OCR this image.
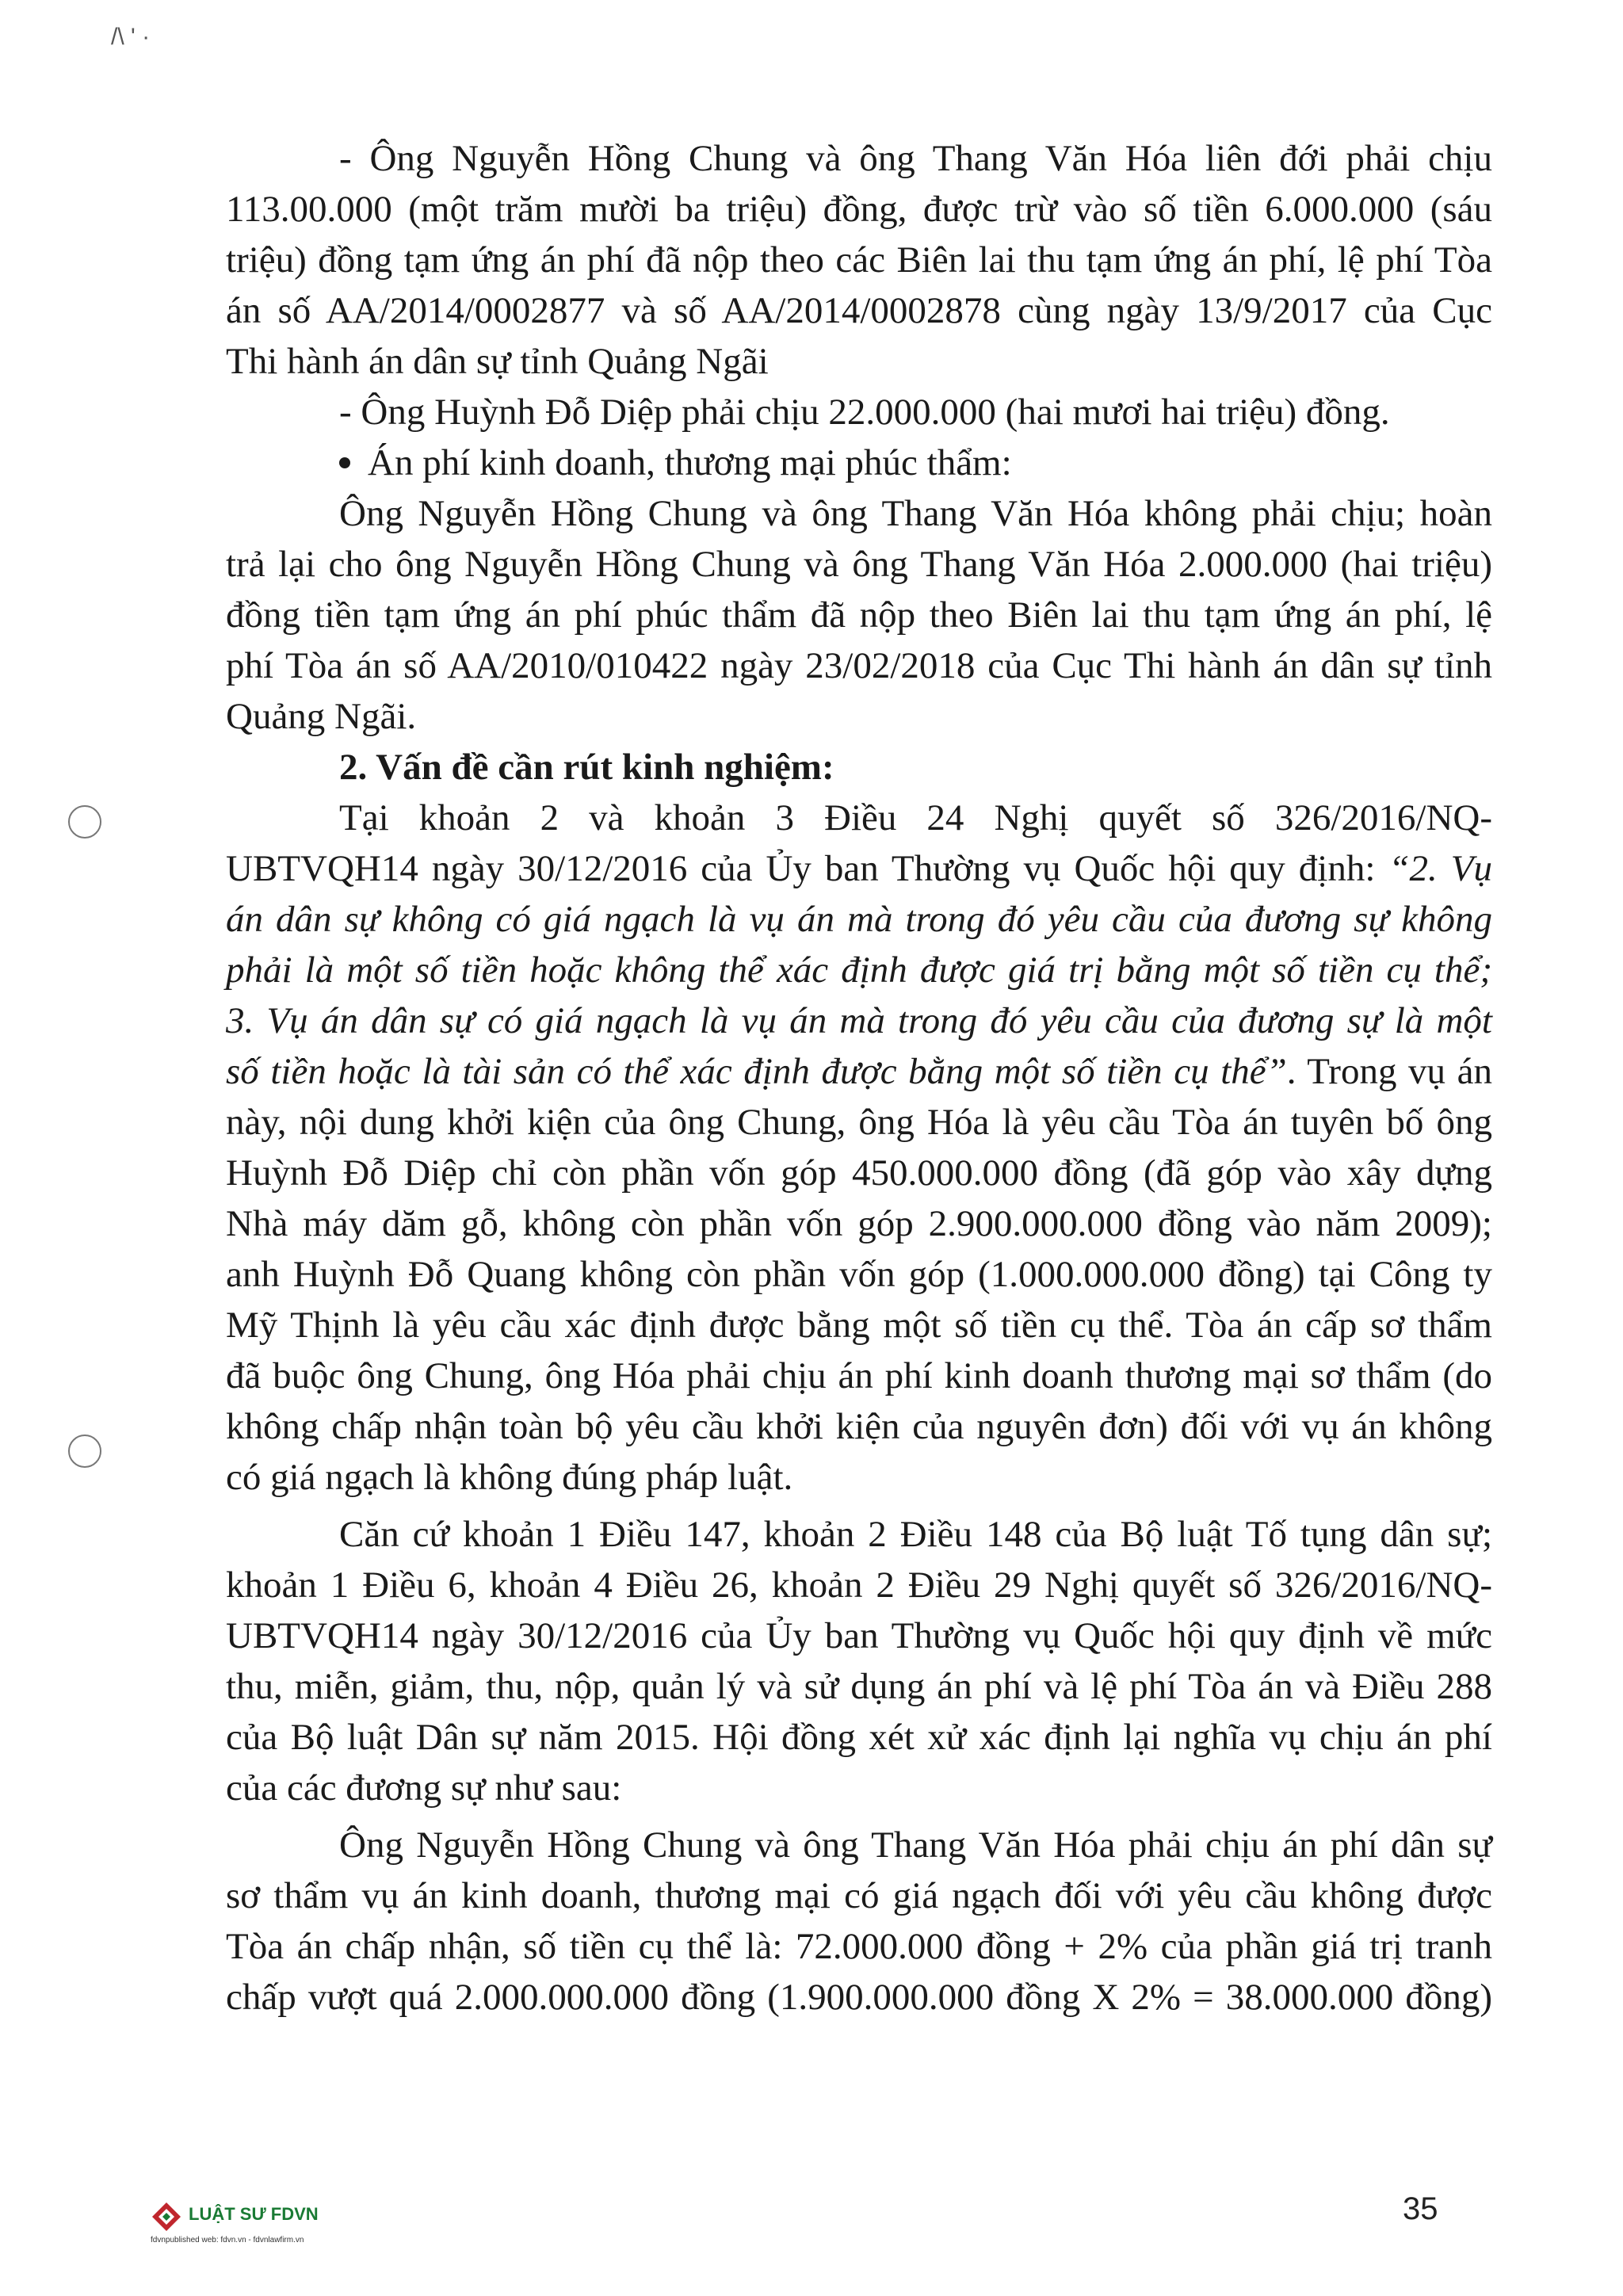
/\ ' ·

- Ông Nguyễn Hồng Chung và ông Thang Văn Hóa liên đới phải chịu

113.00.000 (một trăm mười ba triệu) đồng, được trừ vào số tiền 6.000.000 (sáu
triệu) đồng tạm ứng án phí đã nộp theo các Biên lai thu tạm ứng án phí, lệ phí Tòa
án số AA/2014/0002877 và số AA/2014/0002878 cùng ngày 13/9/2017 của Cục
Thi hành án dân sự tỉnh Quảng Ngãi

- Ông Huỳnh Đỗ Diệp phải chịu 22.000.000 (hai mươi hai triệu) đồng.

Án phí kinh doanh, thương mại phúc thẩm:

Ông Nguyễn Hồng Chung và ông Thang Văn Hóa không phải chịu; hoàn

trả lại cho ông Nguyễn Hồng Chung và ông Thang Văn Hóa 2.000.000 (hai triệu)
đồng tiền tạm ứng án phí phúc thẩm đã nộp theo Biên lai thu tạm ứng án phí, lệ
phí Tòa án số AA/2010/010422 ngày 23/02/2018 của Cục Thi hành án dân sự tỉnh
Quảng Ngãi.

2. Vấn đề cần rút kinh nghiệm:

Tại khoản 2 và khoản 3 Điều 24 Nghị quyết số 326/2016/NQ-

UBTVQH14 ngày 30/12/2016 của Ủy ban Thường vụ Quốc hội quy định: “2. Vụ
án dân sự không có giá ngạch là vụ án mà trong đó yêu cầu của đương sự không
phải là một số tiền hoặc không thể xác định được giá trị bằng một số tiền cụ thể;
3. Vụ án dân sự có giá ngạch là vụ án mà trong đó yêu cầu của đương sự là một
số tiền hoặc là tài sản có thể xác định được bằng một số tiền cụ thể”. Trong vụ án
này, nội dung khởi kiện của ông Chung, ông Hóa là yêu cầu Tòa án tuyên bố ông
Huỳnh Đỗ Diệp chỉ còn phần vốn góp 450.000.000 đồng (đã góp vào xây dựng
Nhà máy dăm gỗ, không còn phần vốn góp 2.900.000.000 đồng vào năm 2009);
anh Huỳnh Đỗ Quang không còn phần vốn góp (1.000.000.000 đồng) tại Công ty
Mỹ Thịnh là yêu cầu xác định được bằng một số tiền cụ thể. Tòa án cấp sơ thẩm
đã buộc ông Chung, ông Hóa phải chịu án phí kinh doanh thương mại sơ thẩm (do
không chấp nhận toàn bộ yêu cầu khởi kiện của nguyên đơn) đối với vụ án không
có giá ngạch là không đúng pháp luật.

Căn cứ khoản 1 Điều 147, khoản 2 Điều 148 của Bộ luật Tố tụng dân sự;

khoản 1 Điều 6, khoản 4 Điều 26, khoản 2 Điều 29 Nghị quyết số 326/2016/NQ-
UBTVQH14 ngày 30/12/2016 của Ủy ban Thường vụ Quốc hội quy định về mức
thu, miễn, giảm, thu, nộp, quản lý và sử dụng án phí và lệ phí Tòa án và Điều 288
của Bộ luật Dân sự năm 2015. Hội đồng xét xử xác định lại nghĩa vụ chịu án phí
của các đương sự như sau:

Ông Nguyễn Hồng Chung và ông Thang Văn Hóa phải chịu án phí dân sự

sơ thẩm vụ án kinh doanh, thương mại có giá ngạch đối với yêu cầu không được
Tòa án chấp nhận, số tiền cụ thể là: 72.000.000 đồng + 2% của phần giá trị tranh
chấp vượt quá 2.000.000.000 đồng (1.900.000.000 đồng X 2% = 38.000.000 đồng)

LUẬT SƯ FDVN
fdvnpublished web: fdvn.vn - fdvnlawfirm.vn
35
